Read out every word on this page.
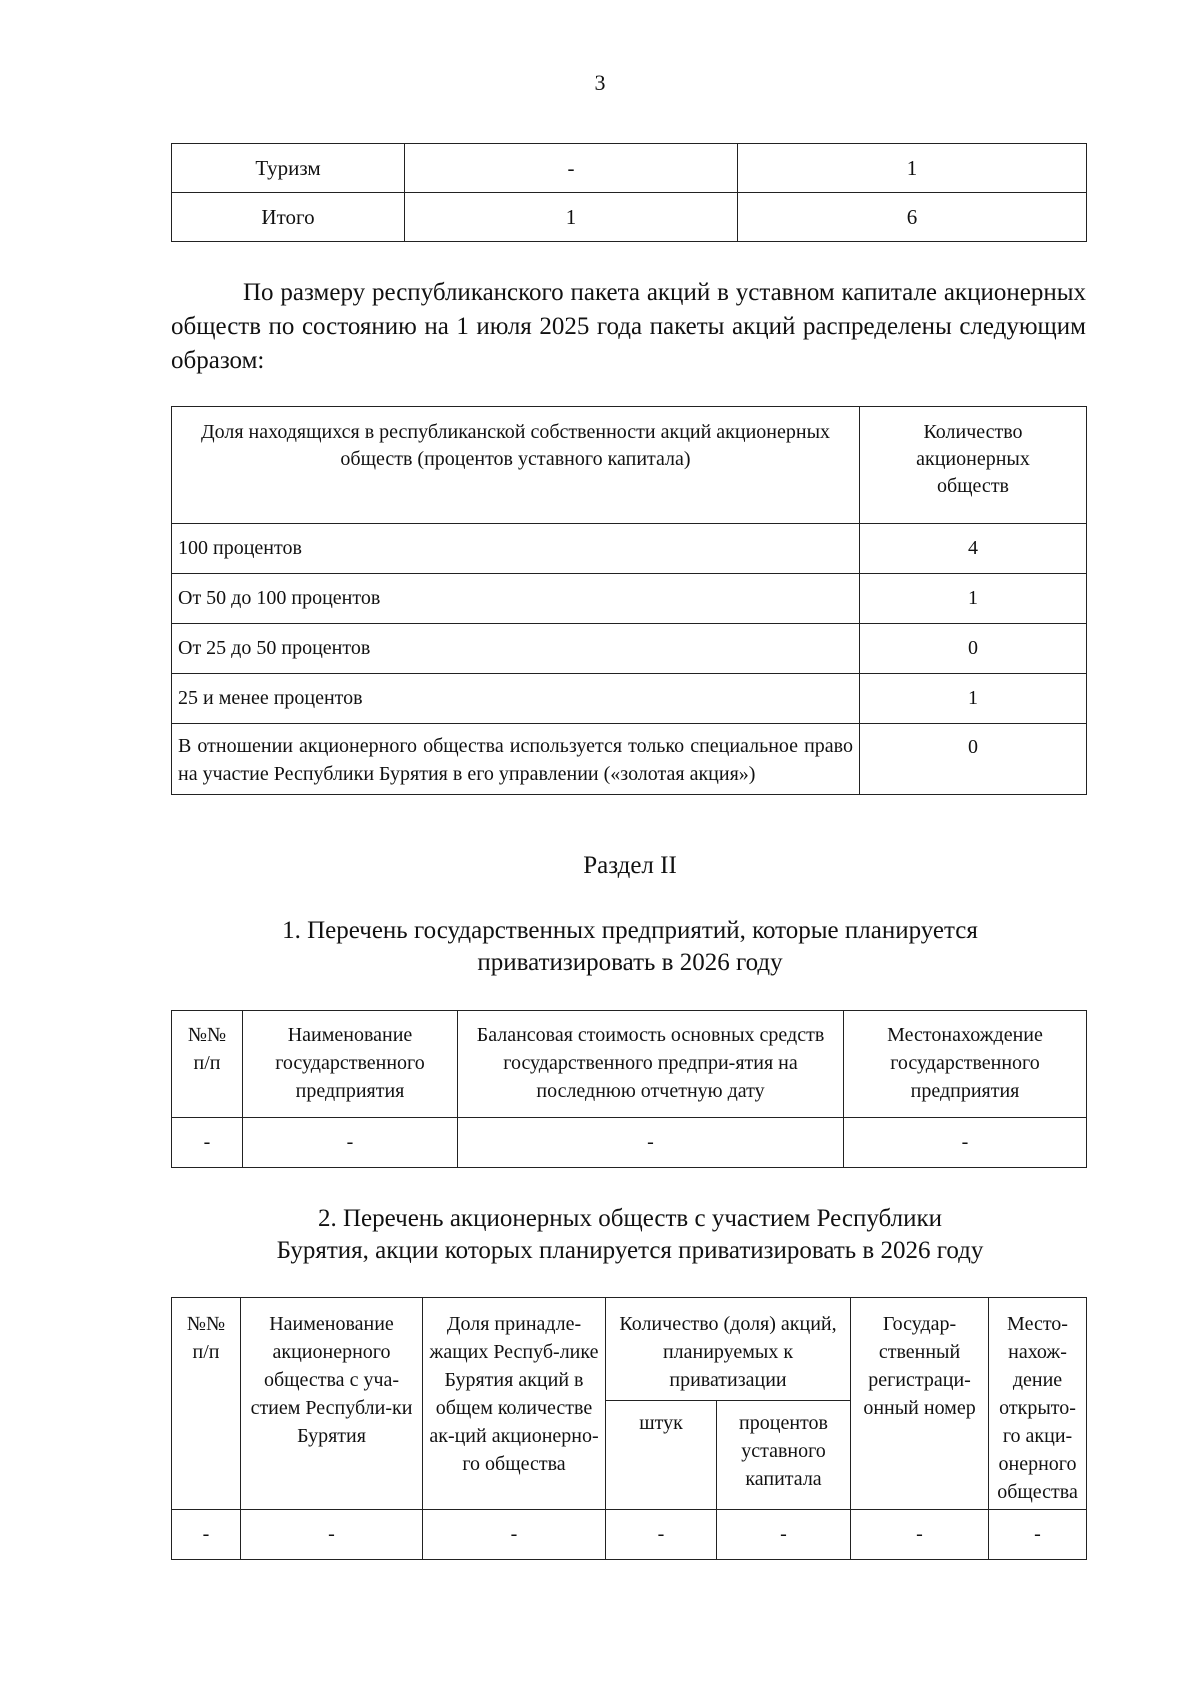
3
Туризм	-	1
Итого	1	6

По размеру республиканского пакета акций в уставном капитале акционерных обществ по состоянию на 1 июля 2025 года пакеты акций распределены следующим образом:

Доля находящихся в республиканской собственности акций акционерных обществ (процентов уставного капитала)	Количество акционерных обществ
100 процентов	4
От 50 до 100 процентов	1
От 25 до 50 процентов	0
25 и менее процентов	1
В отношении акционерного общества используется только специальное право на участие Республики Бурятия в его управлении («золотая акция»)	0
Раздел II
1. Перечень государственных предприятий, которые планируется
приватизировать в 2026 году
№№ п/п	Наименование государственного предприятия	Балансовая стоимость основных средств государственного предпри-ятия на последнюю отчетную дату	Местонахождение государственного предприятия
-	-	-	-
2. Перечень акционерных обществ с участием Республики
Бурятия, акции которых планируется приватизировать в 2026 году
№№ п/п	Наименование акционерного общества с уча-стием Республи-ки Бурятия	Доля принадле-жащих Респуб-лике Бурятия акций в общем количестве ак-ций акционерно-го общества	Количество (доля) акций, планируемых к приватизации		Государ-ственный регистраци-онный номер	Место-нахож-дение открыто-го акци-онерного общества
			штук	процентов уставного капитала		
-	-	-	-	-	-	-
